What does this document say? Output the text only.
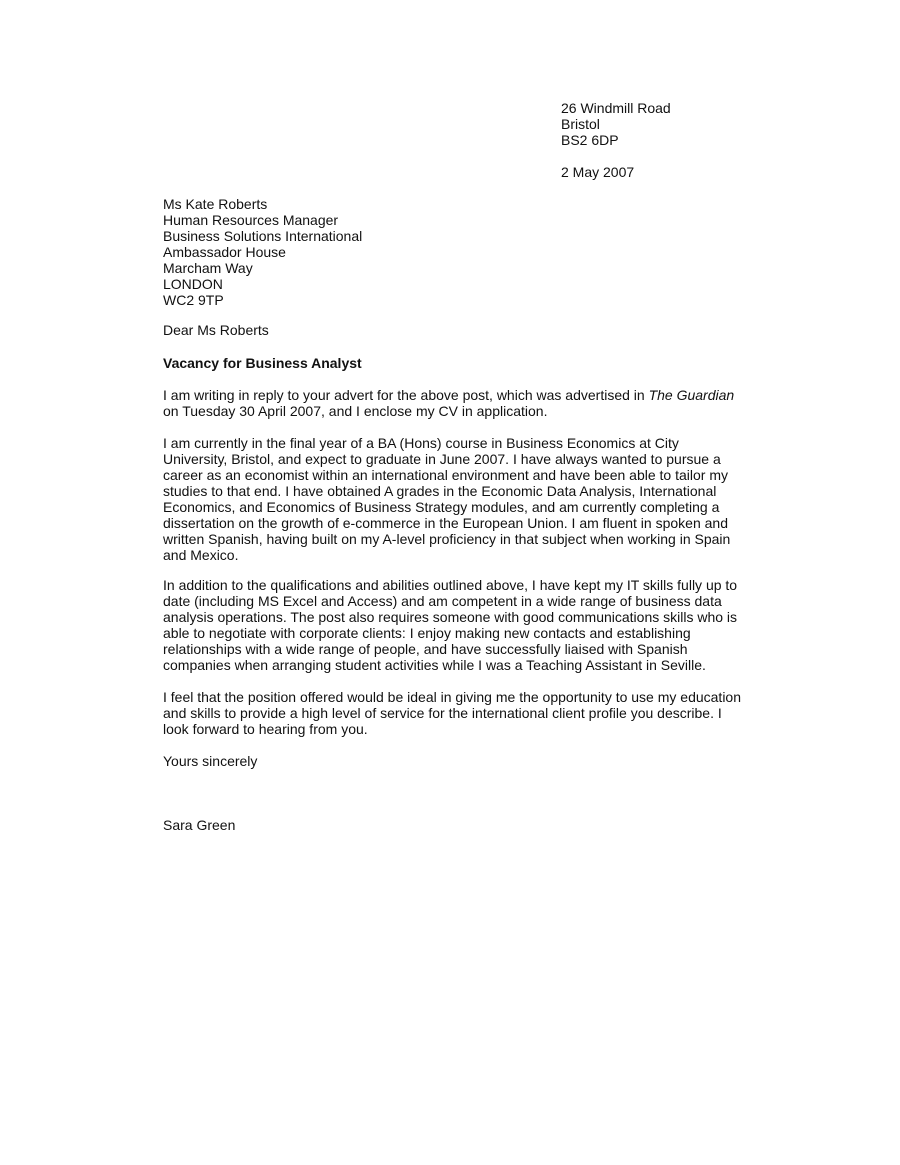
26 Windmill Road
Bristol
BS2 6DP
2 May 2007
Ms Kate Roberts
Human Resources Manager
Business Solutions International
Ambassador House
Marcham Way
LONDON
WC2 9TP
Dear Ms Roberts
Vacancy for Business Analyst
I am writing in reply to your advert for the above post, which was advertised in The Guardian
on Tuesday 30 April 2007, and I enclose my CV in application.
I am currently in the final year of a BA (Hons) course in Business Economics at City
University, Bristol, and expect to graduate in June 2007. I have always wanted to pursue a
career as an economist within an international environment and have been able to tailor my
studies to that end. I have obtained A grades in the Economic Data Analysis, International
Economics, and Economics of Business Strategy modules, and am currently completing a
dissertation on the growth of e-commerce in the European Union. I am fluent in spoken and
written Spanish, having built on my A-level proficiency in that subject when working in Spain
and Mexico.
In addition to the qualifications and abilities outlined above, I have kept my IT skills fully up to
date (including MS Excel and Access) and am competent in a wide range of business data
analysis operations. The post also requires someone with good communications skills who is
able to negotiate with corporate clients: I enjoy making new contacts and establishing
relationships with a wide range of people, and have successfully liaised with Spanish
companies when arranging student activities while I was a Teaching Assistant in Seville.
I feel that the position offered would be ideal in giving me the opportunity to use my education
and skills to provide a high level of service for the international client profile you describe. I
look forward to hearing from you.
Yours sincerely
Sara Green
